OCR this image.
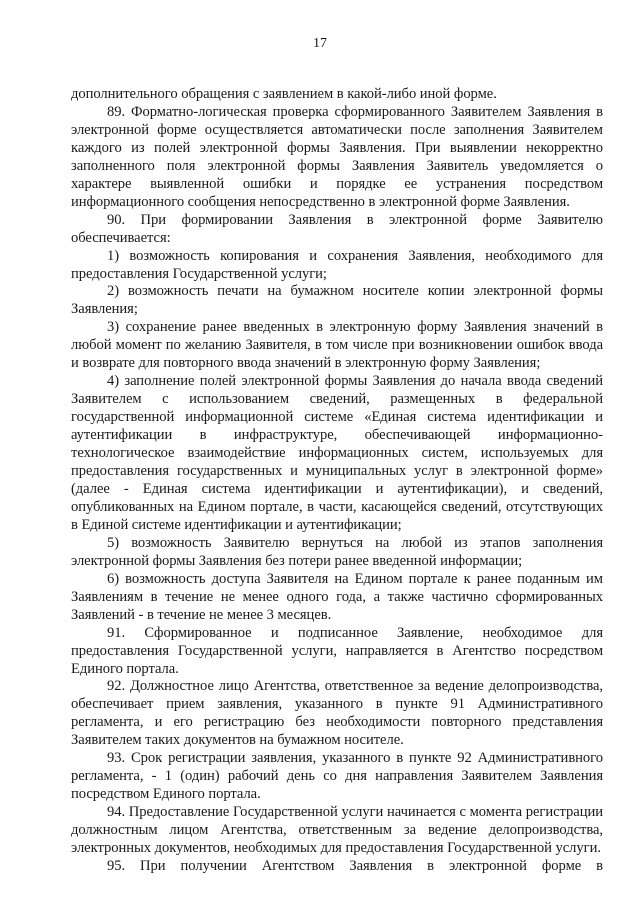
17

дополнительного обращения с заявлением в какой-либо иной форме.

89. Форматно-логическая проверка сформированного Заявителем Заявления в электронной форме осуществляется автоматически после заполнения Заявителем каждого из полей электронной формы Заявления. При выявлении некорректно заполненного поля электронной формы Заявления Заявитель уведомляется о характере выявленной ошибки и порядке ее устранения посредством информационного сообщения непосредственно в электронной форме Заявления.

90. При формировании Заявления в электронной форме Заявителю обеспечивается:

1) возможность копирования и сохранения Заявления, необходимого для предоставления Государственной услуги;

2) возможность печати на бумажном носителе копии электронной формы Заявления;

3) сохранение ранее введенных в электронную форму Заявления значений в любой момент по желанию Заявителя, в том числе при возникновении ошибок ввода и возврате для повторного ввода значений в электронную форму Заявления;

4) заполнение полей электронной формы Заявления до начала ввода сведений Заявителем с использованием сведений, размещенных в федеральной государственной информационной системе «Единая система идентификации и аутентификации в инфраструктуре, обеспечивающей информационно-технологическое взаимодействие информационных систем, используемых для предоставления государственных и муниципальных услуг в электронной форме» (далее - Единая система идентификации и аутентификации), и сведений, опубликованных на Едином портале, в части, касающейся сведений, отсутствующих в Единой системе идентификации и аутентификации;

5) возможность Заявителю вернуться на любой из этапов заполнения электронной формы Заявления без потери ранее введенной информации;

6) возможность доступа Заявителя на Едином портале к ранее поданным им Заявлениям в течение не менее одного года, а также частично сформированных Заявлений - в течение не менее 3 месяцев.

91. Сформированное и подписанное Заявление, необходимое для предоставления Государственной услуги, направляется в Агентство посредством Единого портала.

92. Должностное лицо Агентства, ответственное за ведение делопроизводства, обеспечивает прием заявления, указанного в пункте 91 Административного регламента, и его регистрацию без необходимости повторного представления Заявителем таких документов на бумажном носителе.

93. Срок регистрации заявления, указанного в пункте 92 Административного регламента, - 1 (один) рабочий день со дня направления Заявителем Заявления посредством Единого портала.

94. Предоставление Государственной услуги начинается с момента регистрации должностным лицом Агентства, ответственным за ведение делопроизводства, электронных документов, необходимых для предоставления Государственной услуги.

95. При получении Агентством Заявления в электронной форме в
